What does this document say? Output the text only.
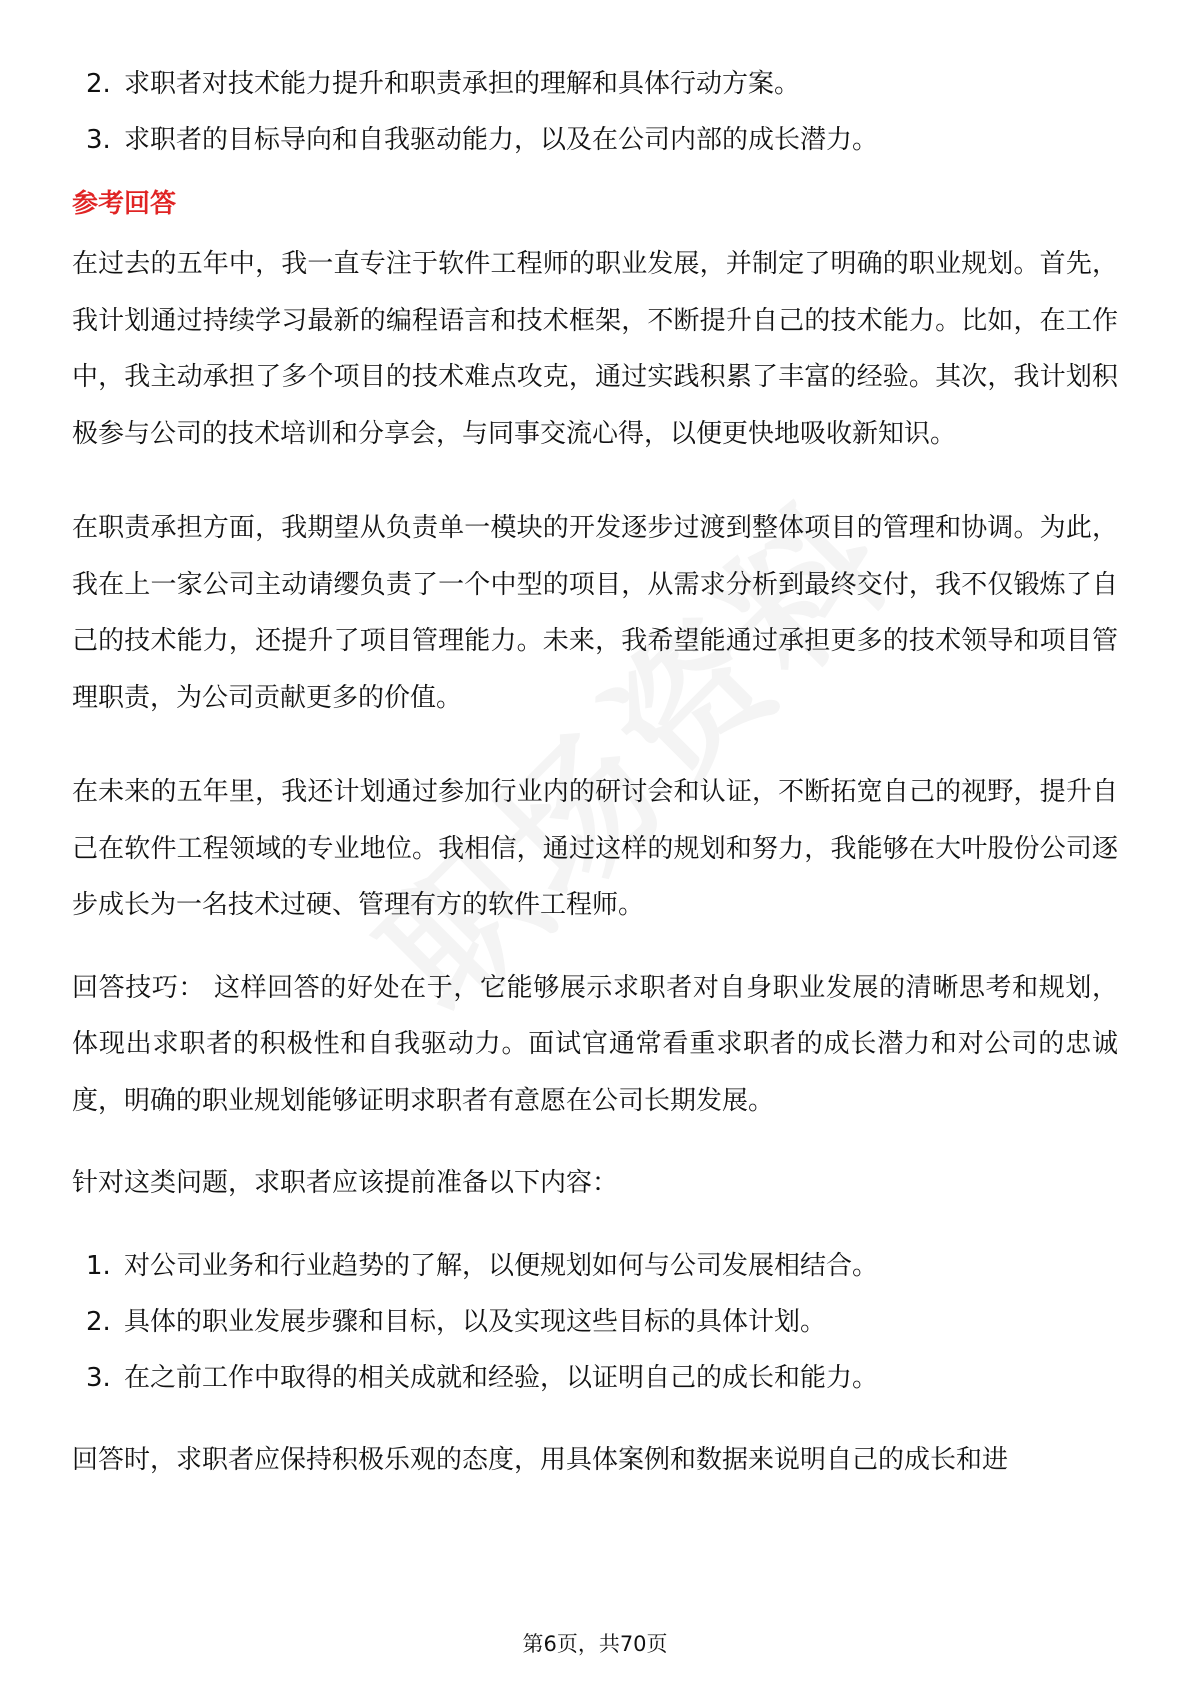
2. 求职者对技术能力提升和职责承担的理解和具体行动方案。
3. 求职者的目标导向和自我驱动能力，以及在公司内部的成长潜力。
参考回答

在过去的五年中，我一直专注于软件工程师的职业发展，并制定了明确的职业规划。首先，我计划通过持续学习最新的编程语言和技术框架，不断提升自己的技术能力。比如，在工作中，我主动承担了多个项目的技术难点攻克，通过实践积累了丰富的经验。其次，我计划积极参与公司的技术培训和分享会，与同事交流心得，以便更快地吸收新知识。

在职责承担方面，我期望从负责单一模块的开发逐步过渡到整体项目的管理和协调。为此，我在上一家公司主动请缨负责了一个中型的项目，从需求分析到最终交付，我不仅锻炼了自己的技术能力，还提升了项目管理能力。未来，我希望能通过承担更多的技术领导和项目管理职责，为公司贡献更多的价值。

在未来的五年里，我还计划通过参加行业内的研讨会和认证，不断拓宽自己的视野，提升自己在软件工程领域的专业地位。我相信，通过这样的规划和努力，我能够在大叶股份公司逐步成长为一名技术过硬、管理有方的软件工程师。

回答技巧： 这样回答的好处在于，它能够展示求职者对自身职业发展的清晰思考和规划，体现出求职者的积极性和自我驱动力。面试官通常看重求职者的成长潜力和对公司的忠诚度，明确的职业规划能够证明求职者有意愿在公司长期发展。

针对这类问题，求职者应该提前准备以下内容：

1. 对公司业务和行业趋势的了解，以便规划如何与公司发展相结合。
2. 具体的职业发展步骤和目标，以及实现这些目标的具体计划。
3. 在之前工作中取得的相关成就和经验，以证明自己的成长和能力。

回答时，求职者应保持积极乐观的态度，用具体案例和数据来说明自己的成长和进

第6页，共70页
